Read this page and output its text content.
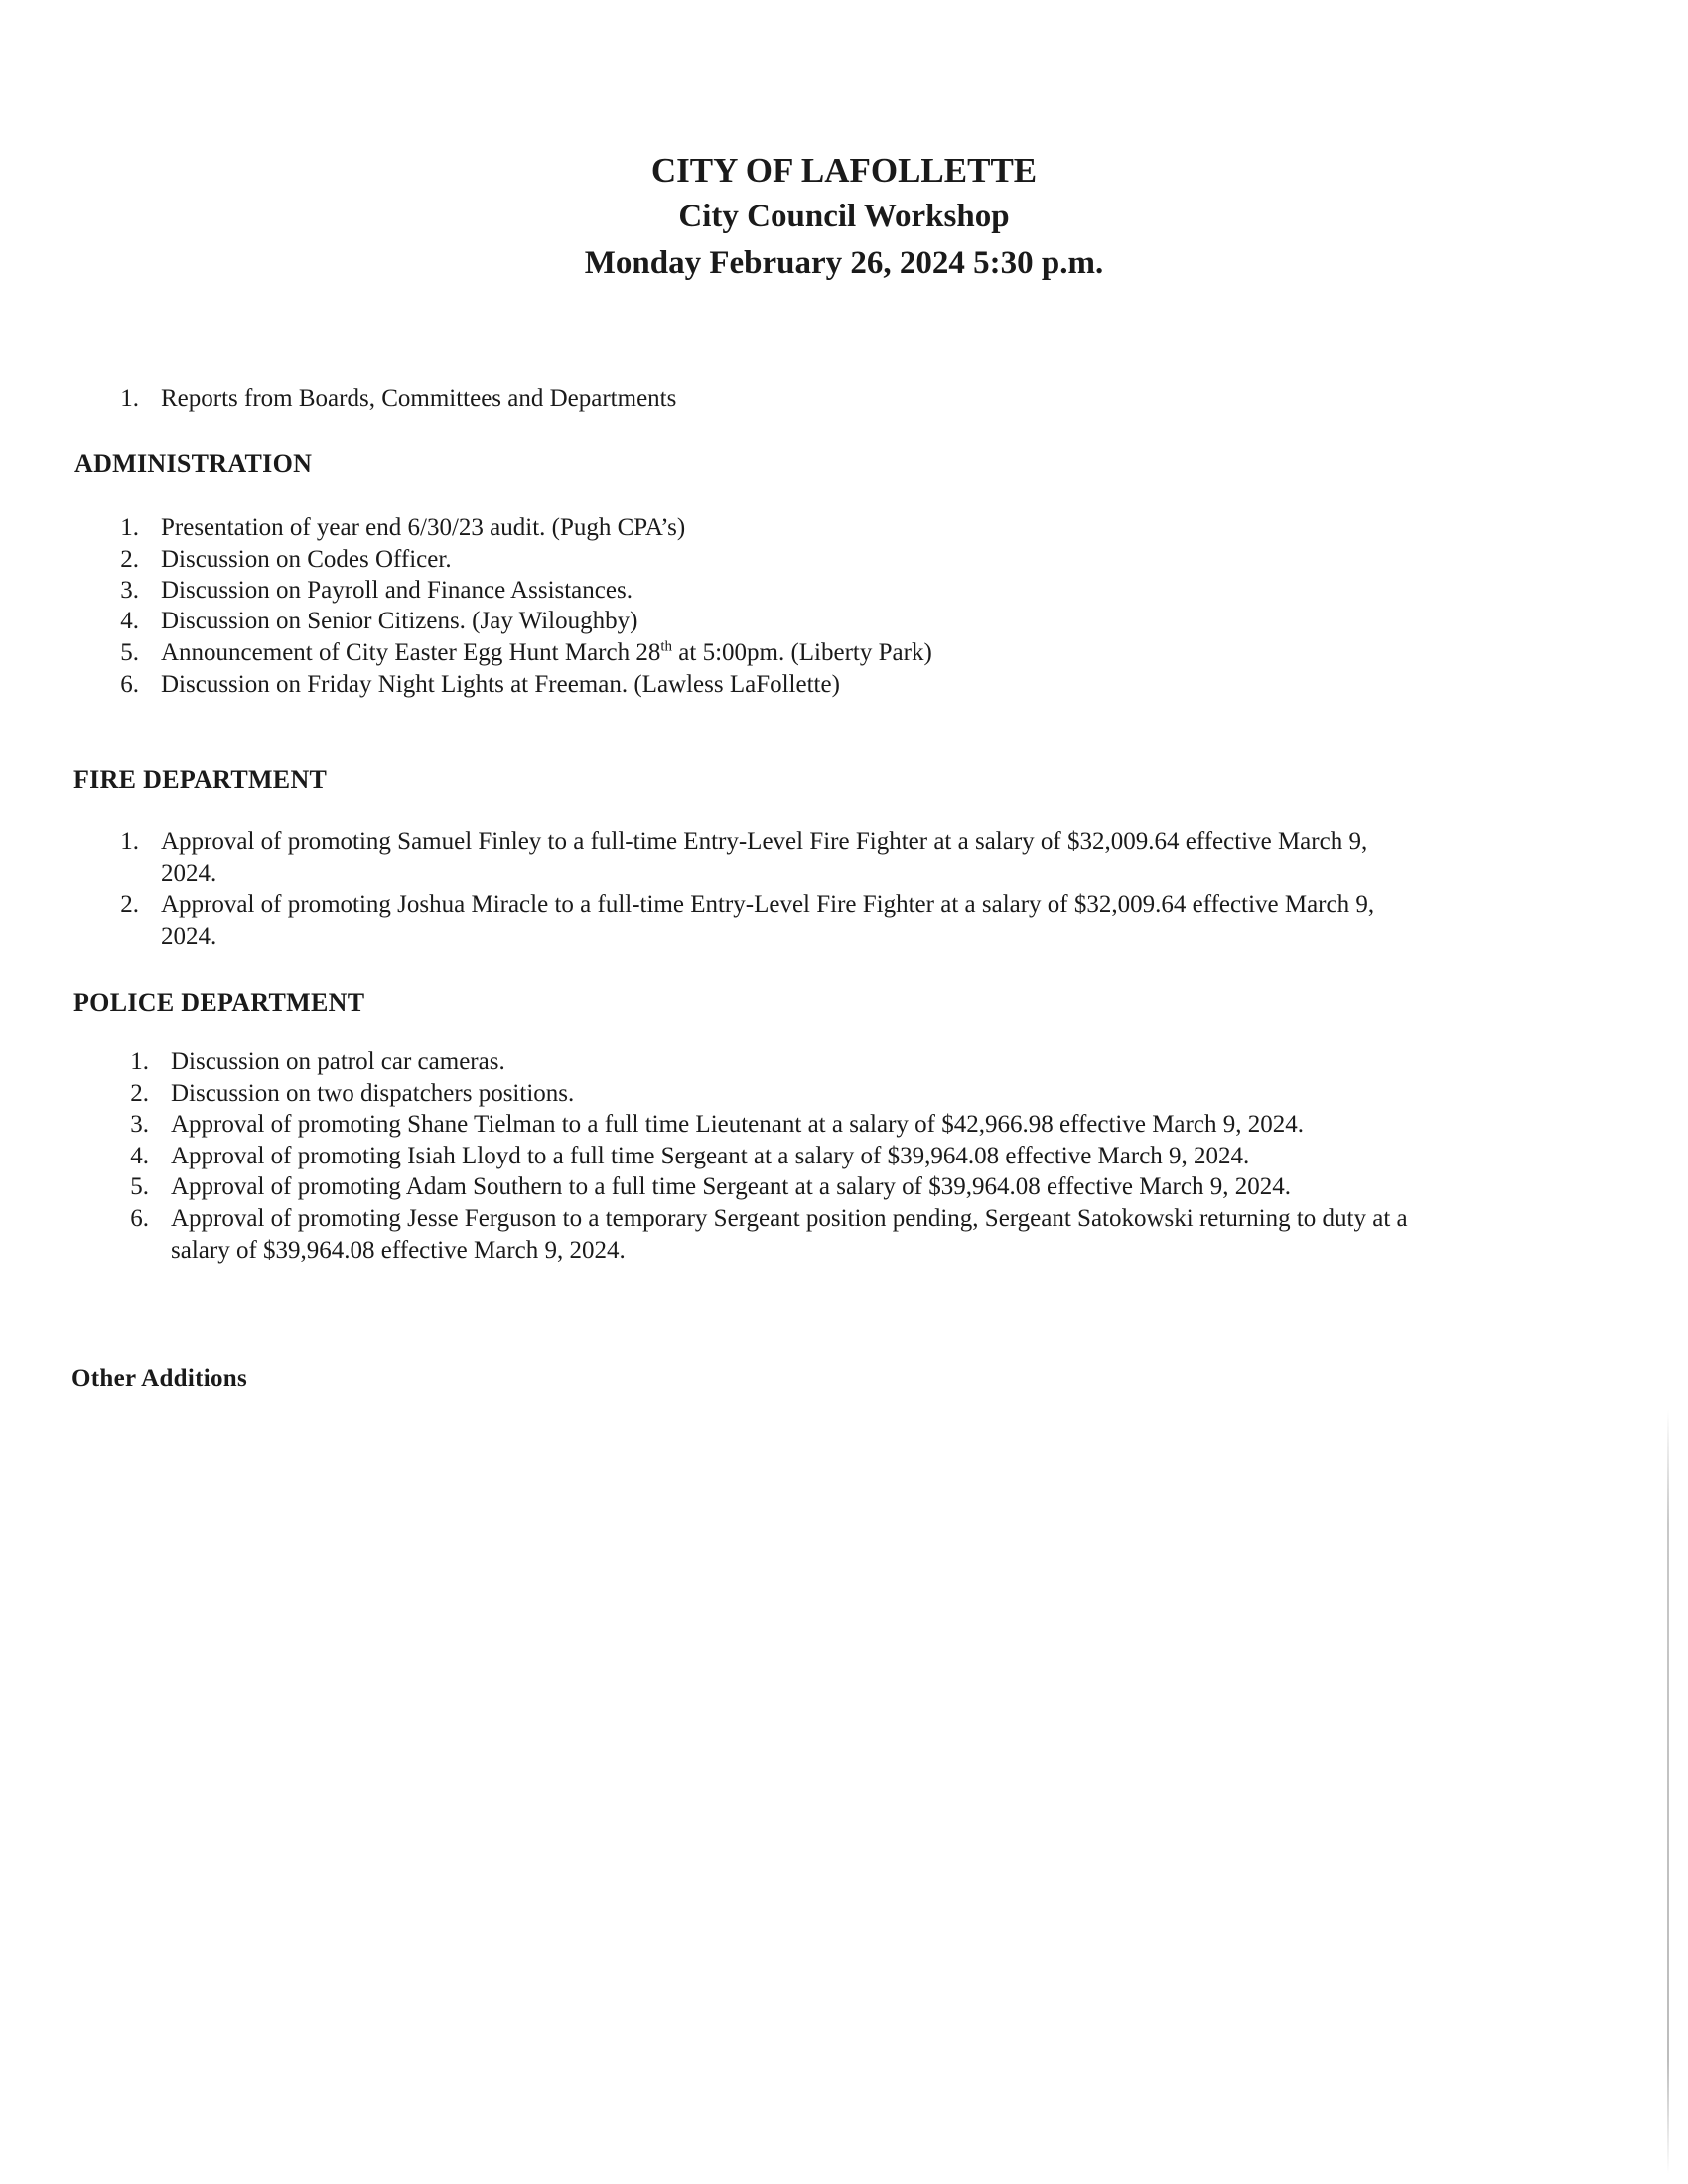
CITY OF LAFOLLETTE
City Council Workshop
Monday February 26, 2024 5:30 p.m.
1. Reports from Boards, Committees and Departments
ADMINISTRATION
1. Presentation of year end 6/30/23 audit. (Pugh CPA’s)
2. Discussion on Codes Officer.
3. Discussion on Payroll and Finance Assistances.
4. Discussion on Senior Citizens. (Jay Wiloughby)
5. Announcement of City Easter Egg Hunt March 28th at 5:00pm. (Liberty Park)
6. Discussion on Friday Night Lights at Freeman. (Lawless LaFollette)
FIRE DEPARTMENT
1. Approval of promoting Samuel Finley to a full-time Entry-Level Fire Fighter at a salary of $32,009.64 effective March 9,
2024.
2. Approval of promoting Joshua Miracle to a full-time Entry-Level Fire Fighter at a salary of $32,009.64 effective March 9,
2024.
POLICE DEPARTMENT
1. Discussion on patrol car cameras.
2. Discussion on two dispatchers positions.
3. Approval of promoting Shane Tielman to a full time Lieutenant at a salary of $42,966.98 effective March 9, 2024.
4. Approval of promoting Isiah Lloyd to a full time Sergeant at a salary of $39,964.08 effective March 9, 2024.
5. Approval of promoting Adam Southern to a full time Sergeant at a salary of $39,964.08 effective March 9, 2024.
6. Approval of promoting Jesse Ferguson to a temporary Sergeant position pending, Sergeant Satokowski returning to duty at a
salary of $39,964.08 effective March 9, 2024.
Other Additions
